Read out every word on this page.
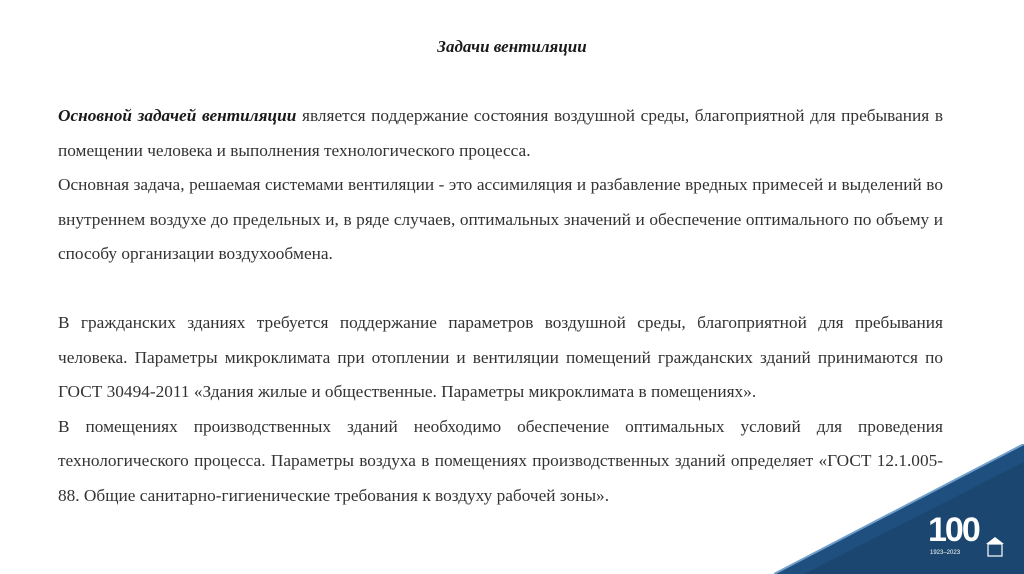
Задачи вентиляции

Основной задачей вентиляции является поддержание состояния воздушной среды, благоприятной для пребывания в помещении человека и выполнения технологического процесса.

Основная задача, решаемая системами вентиляции - это ассимиляция и разбавление вредных примесей и выделений во внутреннем воздухе до предельных и, в ряде случаев, оптимальных значений и обеспечение оптимального по объему и способу организации воздухообмена.

В гражданских зданиях требуется поддержание параметров воздушной среды, благоприятной для пребывания человека. Параметры микроклимата при отоплении и вентиляции помещений гражданских зданий принимаются по ГОСТ 30494-2011 «Здания жилые и общественные. Параметры микроклимата в помещениях».

В помещениях производственных зданий необходимо обеспечение оптимальных условий для проведения технологического процесса. Параметры воздуха в помещениях производственных зданий определяет «ГОСТ 12.1.005-88. Общие санитарно-гигиенические требования к воздуху рабочей зоны».

100
1923–2023
